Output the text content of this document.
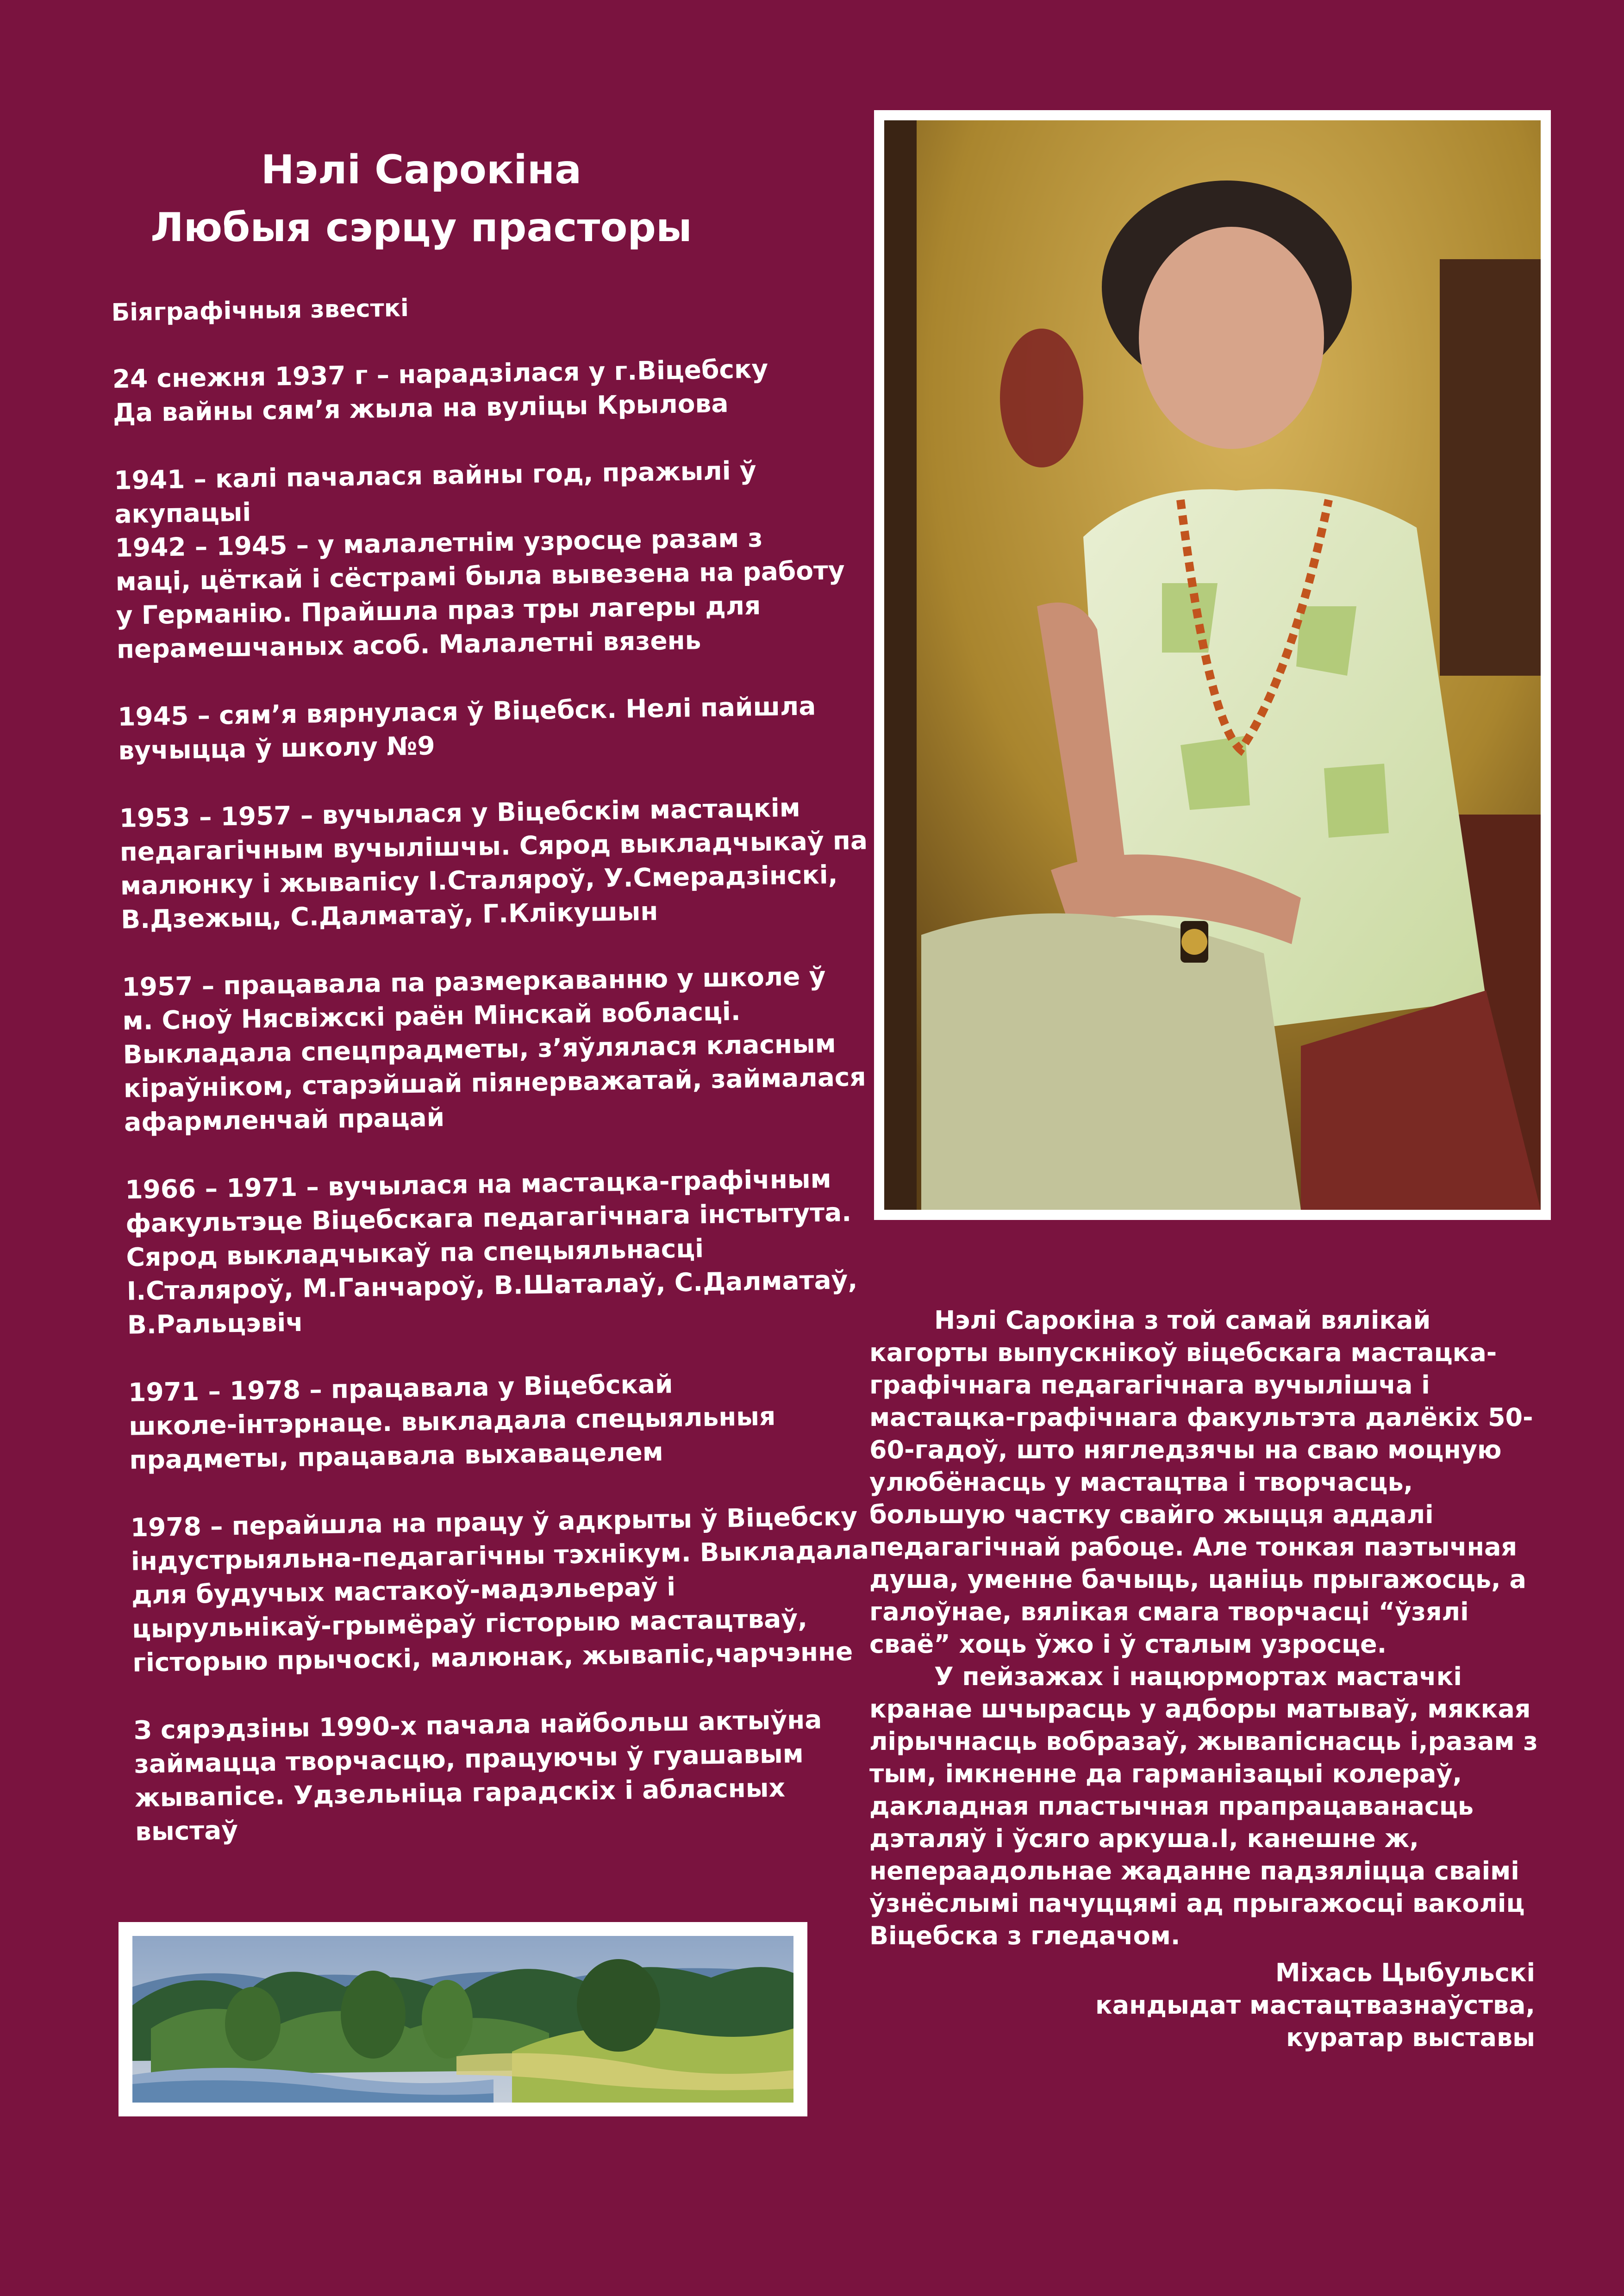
Нэлі Сарокіна
Любыя сэрцу прасторы
Біяграфічныя звесткі
24 снежня 1937 г – нарадзілася у г.Віцебску
Да вайны сям’я жыла на вуліцы Крылова
1941 – калі пачалася вайны год, пражылі ў
акупацыі
1942 – 1945 – у малалетнім узросце разам з
маці, цёткай і сёстрамі была вывезена на работу
у Германію. Прайшла праз тры лагеры для
перамешчаных асоб. Малалетні вязень
1945 – сям’я вярнулася ў Віцебск. Нелі пайшла
вучыцца ў школу №9
1953 – 1957 – вучылася у Віцебскім мастацкім
педагагічным вучылішчы. Сярод выкладчыкаў па
малюнку і жывапісу І.Сталяроў, У.Смерадзінскі,
В.Дзежыц, С.Далматаў, Г.Клікушын
1957 – працавала па размеркаванню у школе ў
м. Сноў Нясвіжскі раён Мінскай вобласці.
Выкладала спецпрадметы, з’яўлялася класным
кіраўніком, старэйшай піянерважатай, займалася
афармленчай працай
1966 – 1971 – вучылася на мастацка-графічным
факультэце Віцебскага педагагічнага інстытута.
Сярод выкладчыкаў па спецыяльнасці
І.Сталяроў, М.Ганчароў, В.Шаталаў, С.Далматаў,
В.Ральцэвіч
1971 – 1978 – працавала у Віцебскай
школе-інтэрнаце. выкладала спецыяльныя
прадметы, працавала выхавацелем
1978 – перайшла на працу ў адкрыты ў Віцебску
індустрыяльна-педагагічны тэхнікум. Выкладала
для будучых мастакоў-мадэльераў і
цырульнікаў-грымёраў гісторыю мастацтваў,
гісторыю прычоскі, малюнак, жывапіс,чарчэнне
З сярэдзіны 1990-х пачала найбольш актыўна
займацца творчасцю, працуючы ў гуашавым
жывапісе. Удзельніца гарадскіх і абласных
выстаў

Нэлі Сарокіна з той самай вялікай кагорты выпускнікоў віцебскага мастацка-графічнага педагагічнага вучылішча і мастацка-графічнага факультэта далёкіх 50-60-гадоў, што нягледзячы на сваю моцную улюбёнасць у мастацтва і творчасць, большую частку свайго жыцця аддалі педагагічнай рабоце. Але тонкая паэтычная душа, уменне бачыць, цаніць прыгажосць, а галоўнае, вялікая смага творчасці “ўзялі сваё” хоць ўжо і ў сталым узросце.

У пейзажах і нацюрмортах мастачкі кранае шчырасць у адборы матываў, мяккая лірычнасць вобразаў, жывапіснасць і,разам з тым, імкненне да гарманізацыі колераў, дакладная пластычная прапрацаванасць дэталяў і ўсяго аркуша.І, канешне ж, непераадольнае жаданне падзяліцца сваімі ўзнёслымі пачуццямі ад прыгажосці ваколіц Віцебска з гледачом.

Міхась Цыбульскі
кандыдат мастацтвазнаўства,
куратар выставы
